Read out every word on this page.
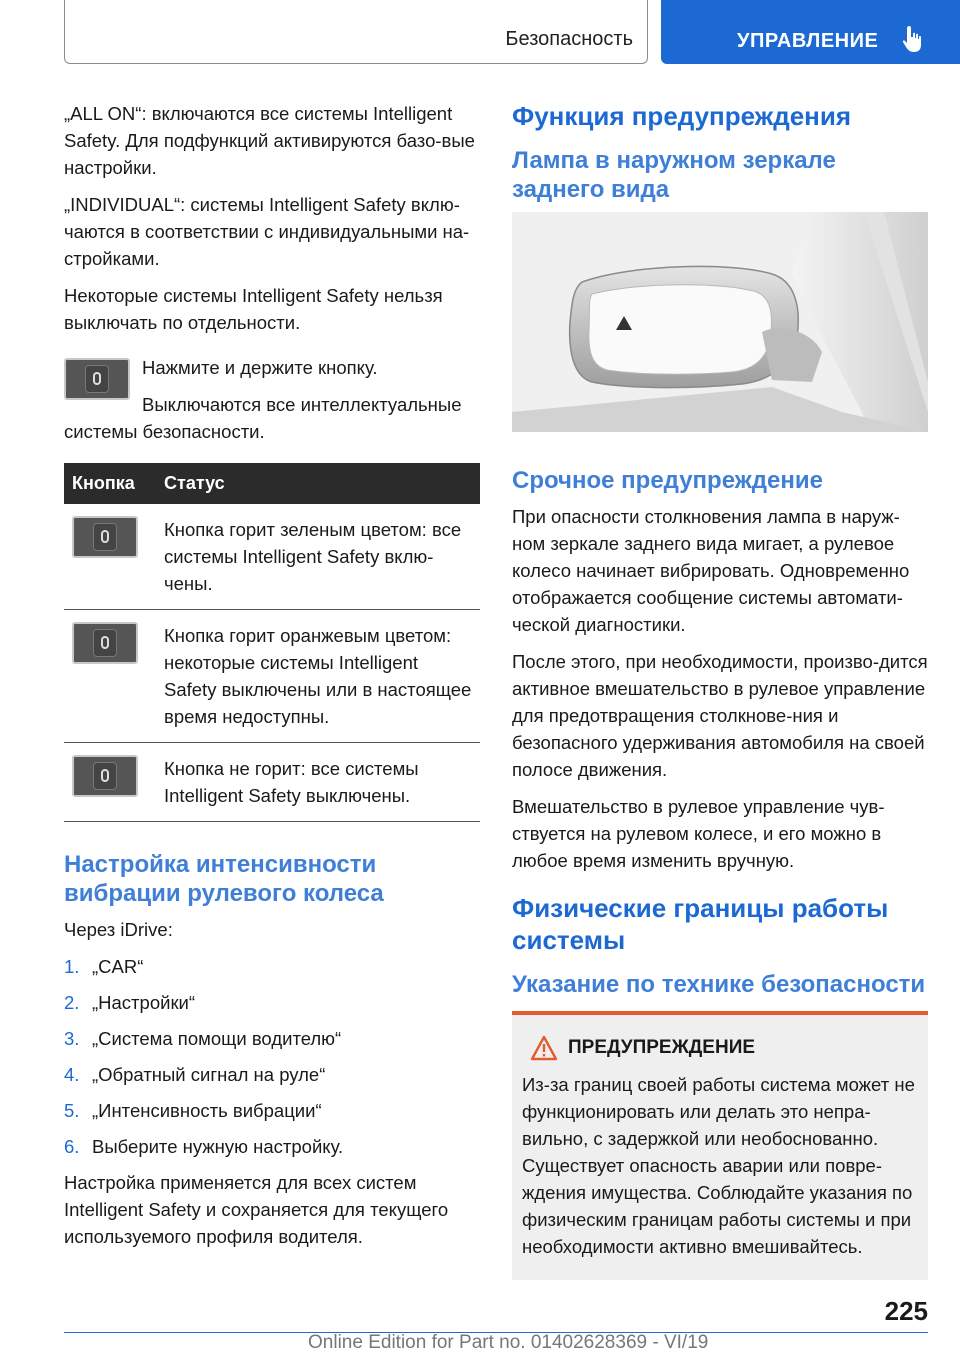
Безопасность	УПРАВЛЕНИЕ

„ALL ON“: включаются все системы Intelligent Safety. Для подфункций активируются базо-вые настройки.

„INDIVIDUAL“: системы Intelligent Safety вклю-чаются в соответствии с индивидуальными на-стройками.

Некоторые системы Intelligent Safety нельзя выключать по отдельности.

Нажмите и держите кнопку.

Выключаются все интеллектуальные системы безопасности.

Кнопка	Статус

	Кнопка горит зеленым цветом: все системы Intelligent Safety вклю-чены.

	Кнопка горит оранжевым цветом: некоторые системы Intelligent Safety выключены или в настоящее время недоступны.

	Кнопка не горит: все системы Intelligent Safety выключены.
Настройка интенсивности вибрации рулевого колеса

Через iDrive:

1. „CAR“
2. „Настройки“
3. „Система помощи водителю“
4. „Обратный сигнал на руле“
5. „Интенсивность вибрации“
6. Выберите нужную настройку.

Настройка применяется для всех систем Intelligent Safety и сохраняется для текущего используемого профиля водителя.

Функция предупреждения
Лампа в наружном зеркале заднего вида
Срочное предупреждение

При опасности столкновения лампа в наруж-ном зеркале заднего вида мигает, а рулевое колесо начинает вибрировать. Одновременно отображается сообщение системы автомати-ческой диагностики.

После этого, при необходимости, произво-дится активное вмешательство в рулевое управление для предотвращения столкнове-ния и безопасного удерживания автомобиля на своей полосе движения.

Вмешательство в рулевое управление чув-ствуется на рулевом колесе, и его можно в любое время изменить вручную.

Физические границы работы системы
Указание по технике безопасности
ПРЕДУПРЕЖДЕНИЕ

Из-за границ своей работы система может не функционировать или делать это непра-вильно, с задержкой или необоснованно. Существует опасность аварии или повре-ждения имущества. Соблюдайте указания по физическим границам работы системы и при необходимости активно вмешивайтесь.

225
Online Edition for Part no. 01402628369 - VI/19
